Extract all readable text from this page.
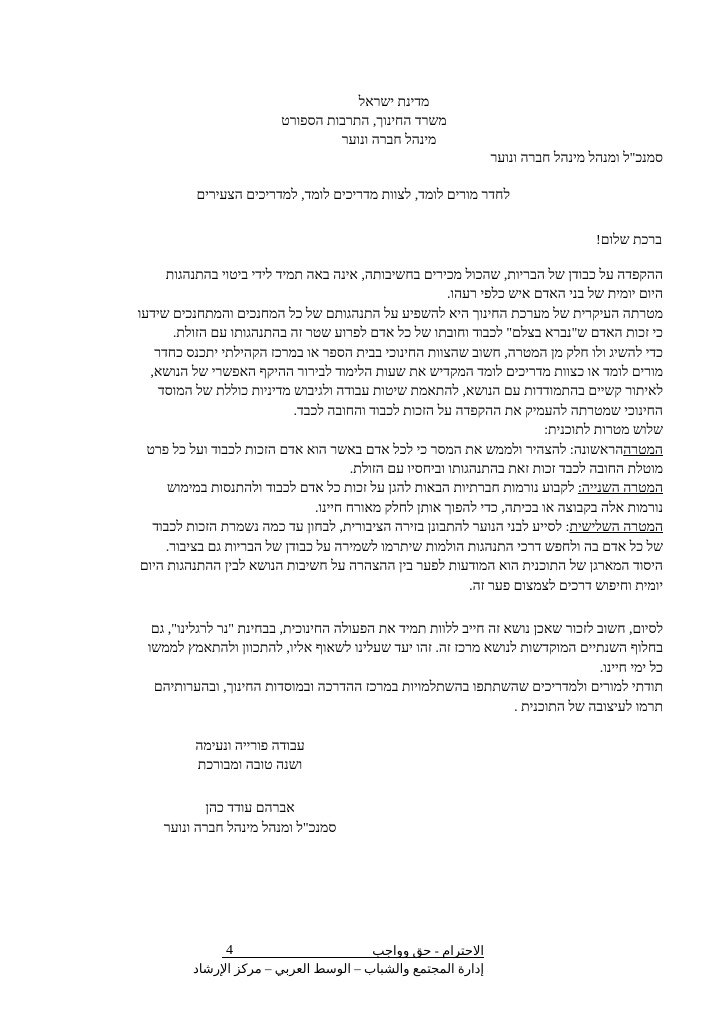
מדינת ישראל
משרד החינוך, התרבות הספורט
מינהל חברה ונוער
סמנכ"ל ומנהל מינהל חברה ונוער
לחדר מורים לומד, לצוות מדריכים לומד, למדריכים הצעירים
ברכת שלום!
ההקפדה על כבודן של הבריות, שהכול מכירים בחשיבותה, אינה באה תמיד לידי ביטוי בהתנהגות
היום יומית של בני האדם איש כלפי רעהו.
מטרתה העיקרית של מערכת החינוך היא להשפיע על התנהגותם של כל המחנכים והמתחנכים שידעו
כי זכות האדם ש"נברא בצלם" לכבוד וחובתו של כל אדם לפרוע שטר זה בהתנהגותו עם הזולת.
כדי להשיג ולו חלק מן המטרה, חשוב שהצוות החינוכי בבית הספר או במרכז הקהילתי יתכנס כחדר
מורים לומד או כצוות מדריכים לומד המקדיש את שעות הלימוד לבירור ההיקף האפשרי של הנושא,
לאיתור קשיים בהתמודדות עם הנושא, להתאמת שיטות עבודה ולגיבוש מדיניות כוללת של המוסד
החינוכי שמטרתה להעמיק את ההקפדה על הזכות לכבוד והחובה לכבד.
שלוש מטרות לתוכנית:
המטרההראשונה: להצהיר ולממש את המסר כי לכל אדם באשר הוא אדם הזכות לכבוד ועל כל פרט
מוטלת החובה לכבד זכות זאת בהתנהגותו וביחסיו עם הזולת.
המטרה השנייה: לקבוע נורמות חברתיות הבאות להגן על זכות כל אדם לכבוד ולהתנסות במימוש
נורמות אלה בקבוצה או בכיתה, כדי להפוך אותן לחלק מאורח חיינו.
המטרה השלישית: לסייע לבני הנוער להתבונן בזירה הציבורית, לבחון עד כמה נשמרת הזכות לכבוד
של כל אדם בה ולחפש דרכי התנהגות הולמות שיתרמו לשמירה על כבודן של הבריות גם בציבור.
היסוד המארגן של התוכנית הוא המודעות לפער בין ההצהרה על חשיבות הנושא לבין ההתנהגות היום
יומית וחיפוש דרכים לצמצום פער זה.
לסיום, חשוב לזכור שאכן נושא זה חייב ללוות תמיד את הפעולה החינוכית, בבחינת "נר לרגלינו", גם
בחלוף השנתיים המוקדשות לנושא מרכז זה. זהו יעד שעלינו לשאוף אליו, להתכוון ולהתאמץ לממשו
כל ימי חיינו.
תודתי למורים ולמדריכים שהשתתפו בהשתלמויות במרכז ההדרכה ובמוסדות החינוך, ובהערותיהם
תרמו לעיצובה של התוכנית .
עבודה פורייה ונעימה
ושנה טובה ומבורכת
אברהם עודד כהן
סמנכ"ל ומנהל מינהל חברה ונוער
4	الاحترام - حق وواجب
إدارة المجتمع والشباب – الوسط العربي – مركز الإرشاد
